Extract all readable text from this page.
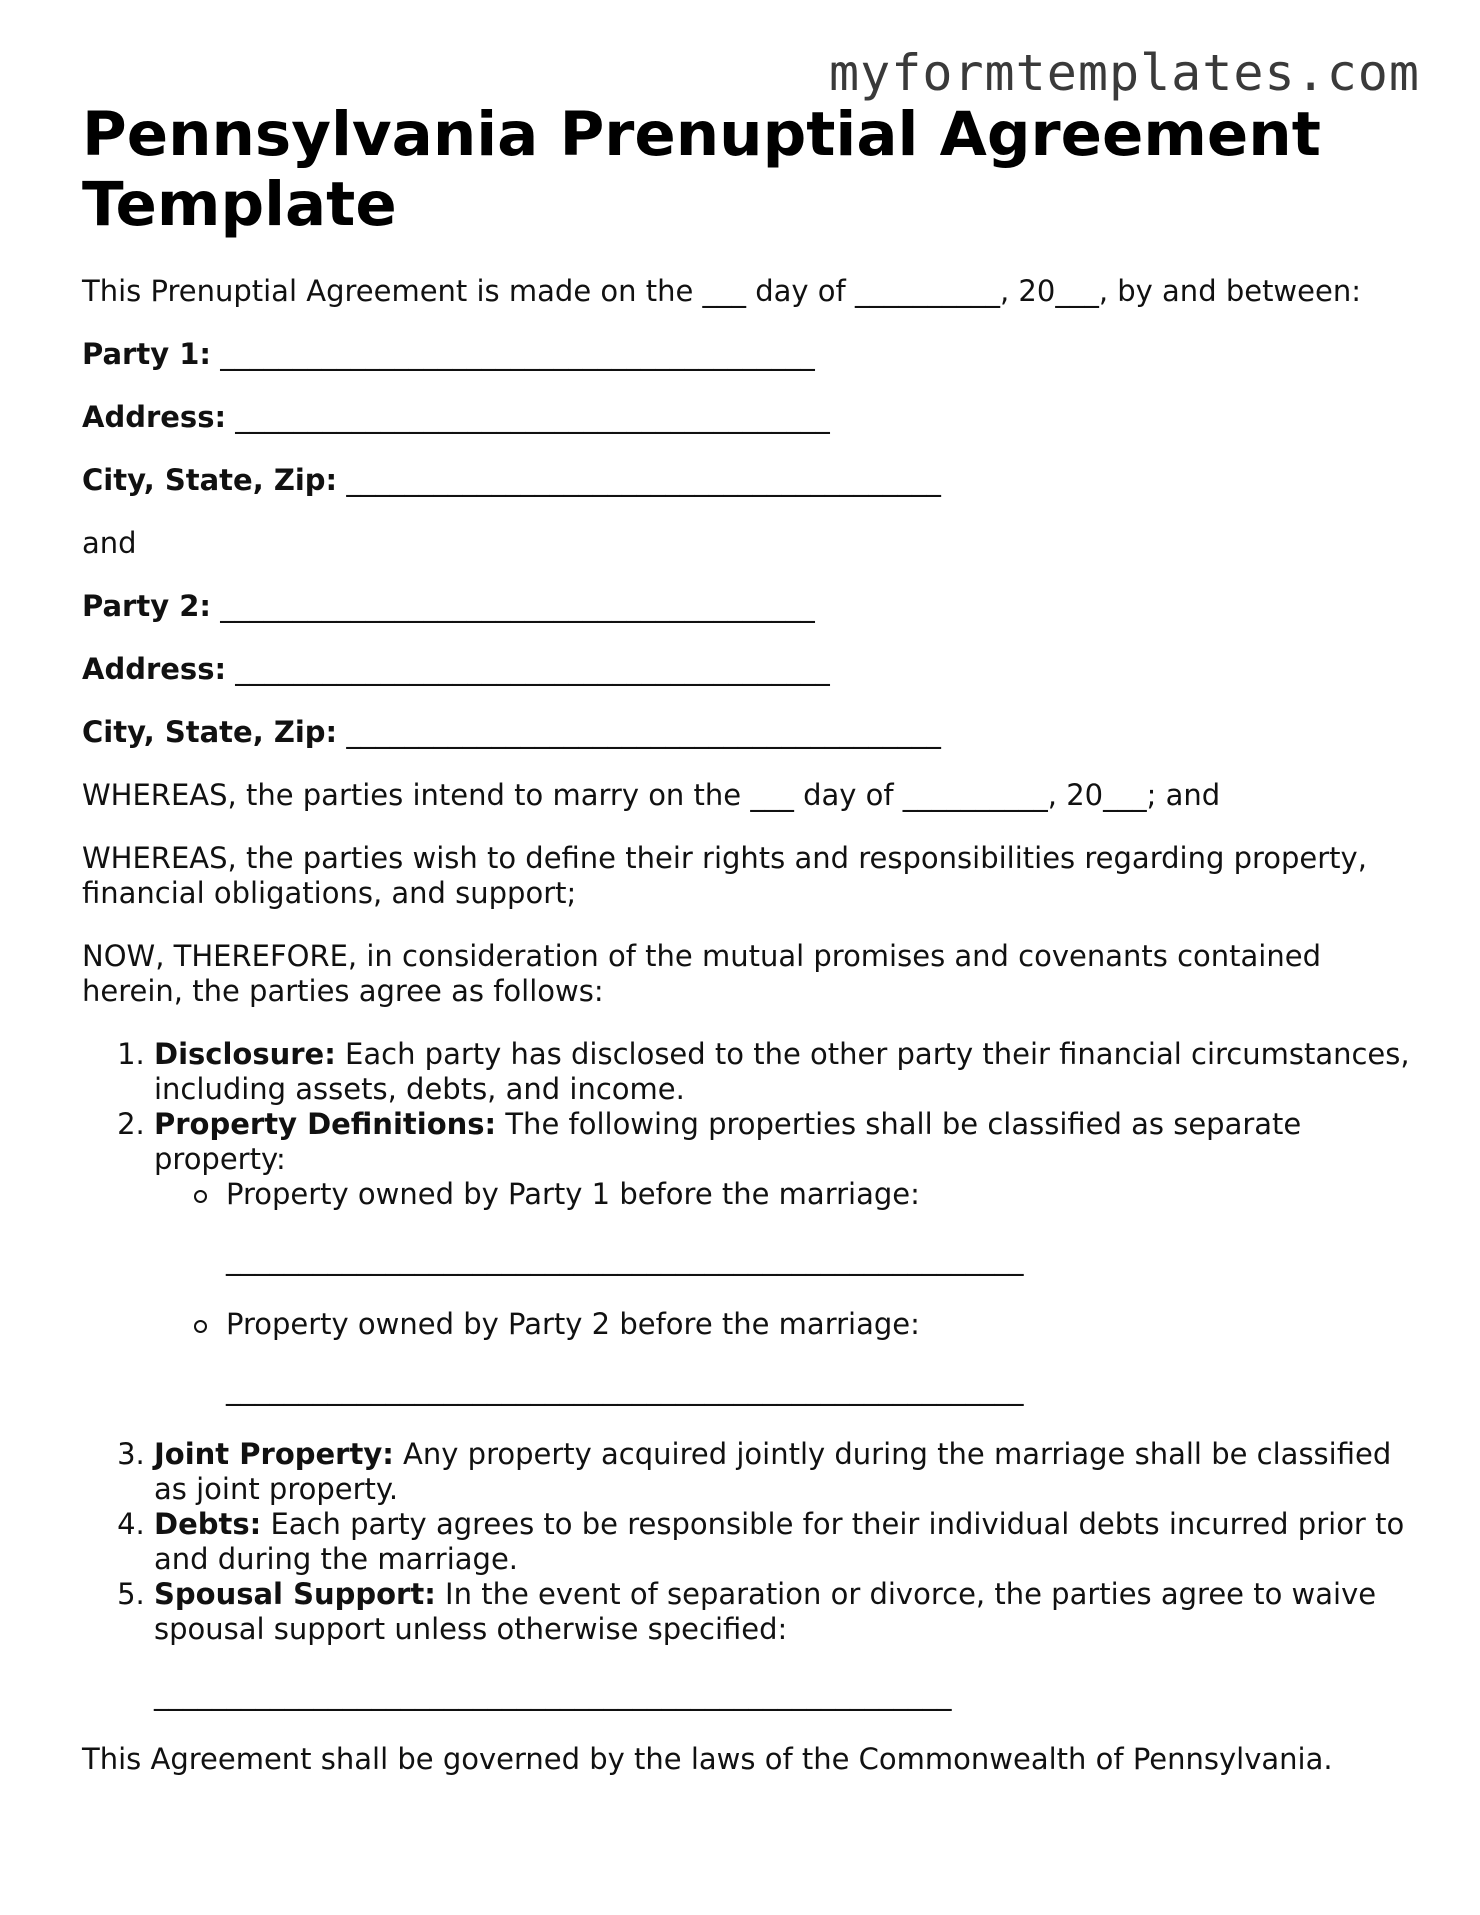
myformtemplates.com
Pennsylvania Prenuptial Agreement Template

This Prenuptial Agreement is made on the ___ day of __________, 20___, by and between:

Party 1: _________________________________________

Address: _________________________________________

City, State, Zip: _________________________________________

and

Party 2: _________________________________________

Address: _________________________________________

City, State, Zip: _________________________________________

WHEREAS, the parties intend to marry on the ___ day of __________, 20___; and

WHEREAS, the parties wish to define their rights and responsibilities regarding property, financial obligations, and support;

NOW, THEREFORE, in consideration of the mutual promises and covenants contained herein, the parties agree as follows:

1. Disclosure: Each party has disclosed to the other party their financial circumstances, including assets, debts, and income.
2. Property Definitions: The following properties shall be classified as separate property:
Property owned by Party 1 before the marriage:
_______________________________________________________
Property owned by Party 2 before the marriage:
_______________________________________________________
3. Joint Property: Any property acquired jointly during the marriage shall be classified as joint property.
4. Debts: Each party agrees to be responsible for their individual debts incurred prior to and during the marriage.
5. Spousal Support: In the event of separation or divorce, the parties agree to waive spousal support unless otherwise specified:
_______________________________________________________

This Agreement shall be governed by the laws of the Commonwealth of Pennsylvania.
